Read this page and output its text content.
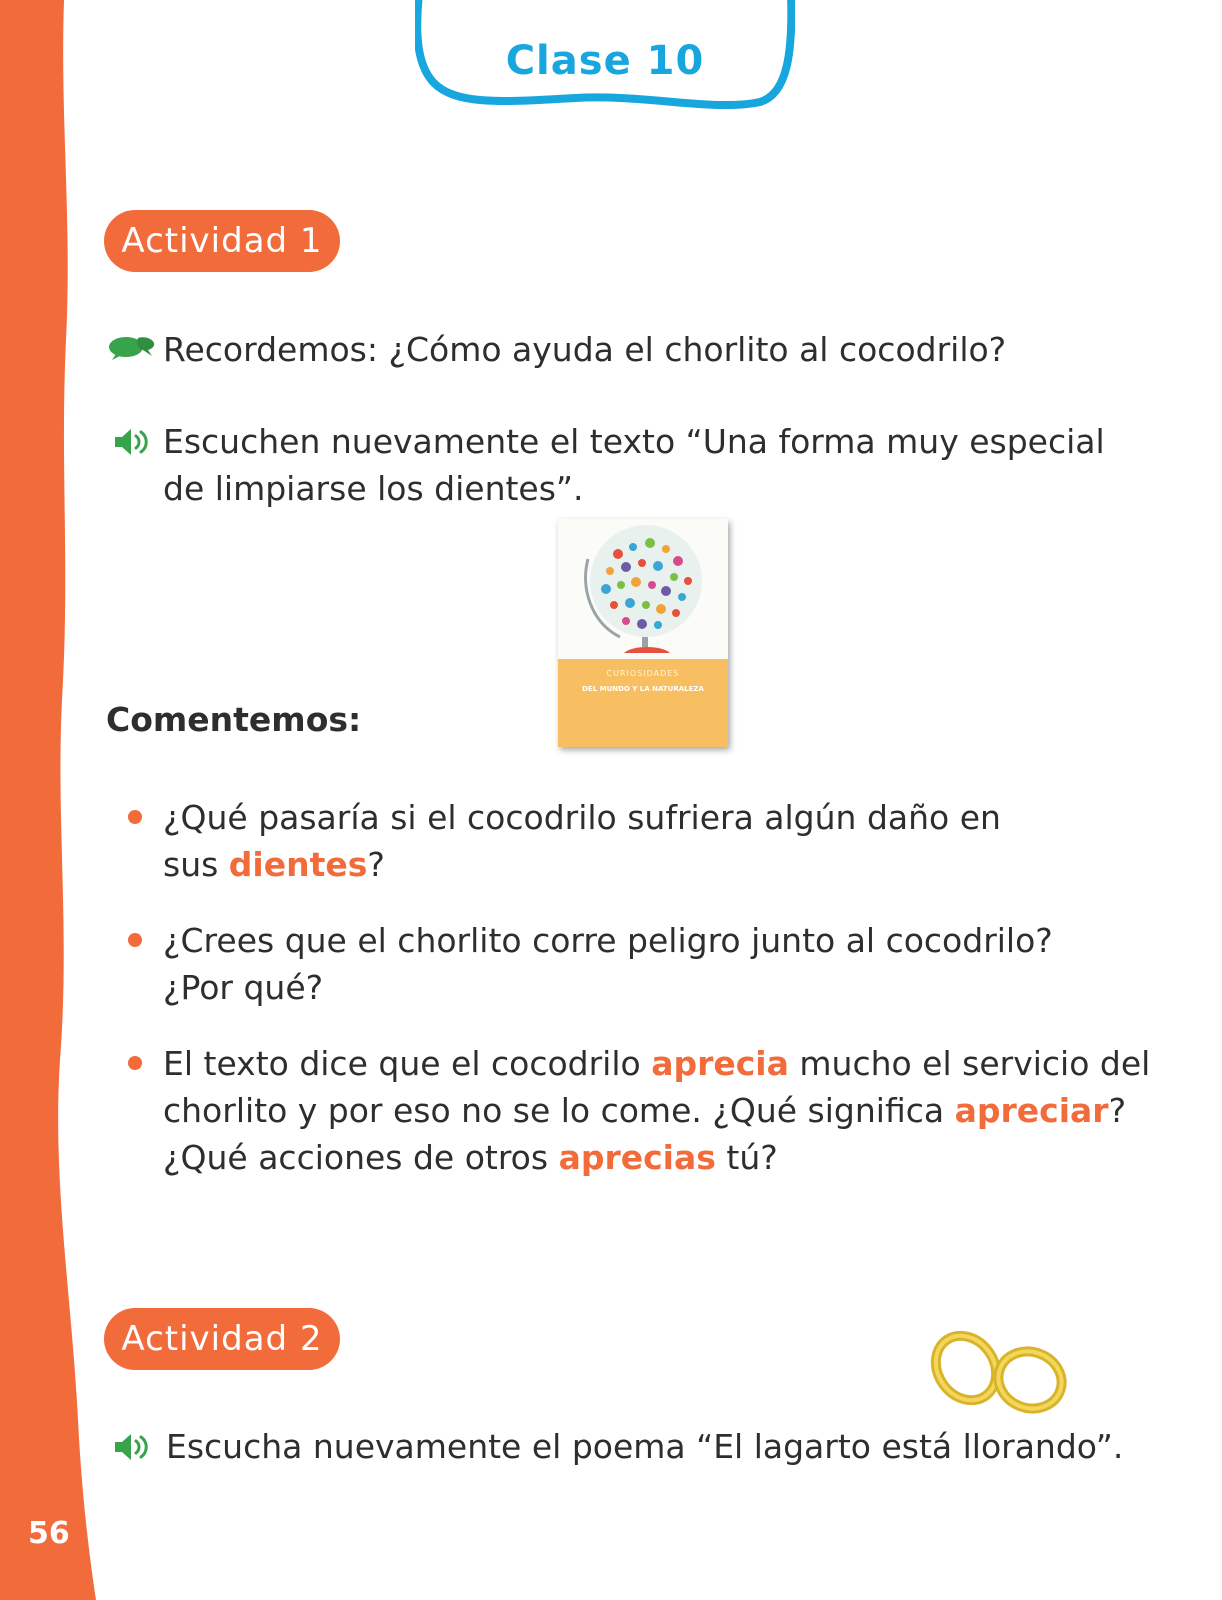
56
Clase 10
Actividad 1
Recordemos: ¿Cómo ayuda el chorlito al cocodrilo?
Escuchen nuevamente el texto “Una forma muy especial
de limpiarse los dientes”.
CURIOSIDADES
DEL MUNDO Y LA NATURALEZA
Comentemos:
¿Qué pasaría si el cocodrilo sufriera algún daño en
sus dientes?
¿Crees que el chorlito corre peligro junto al cocodrilo?
¿Por qué?
El texto dice que el cocodrilo aprecia mucho el servicio del
chorlito y por eso no se lo come. ¿Qué significa apreciar?
¿Qué acciones de otros aprecias tú?
Actividad 2
Escucha nuevamente el poema “El lagarto está llorando”.
